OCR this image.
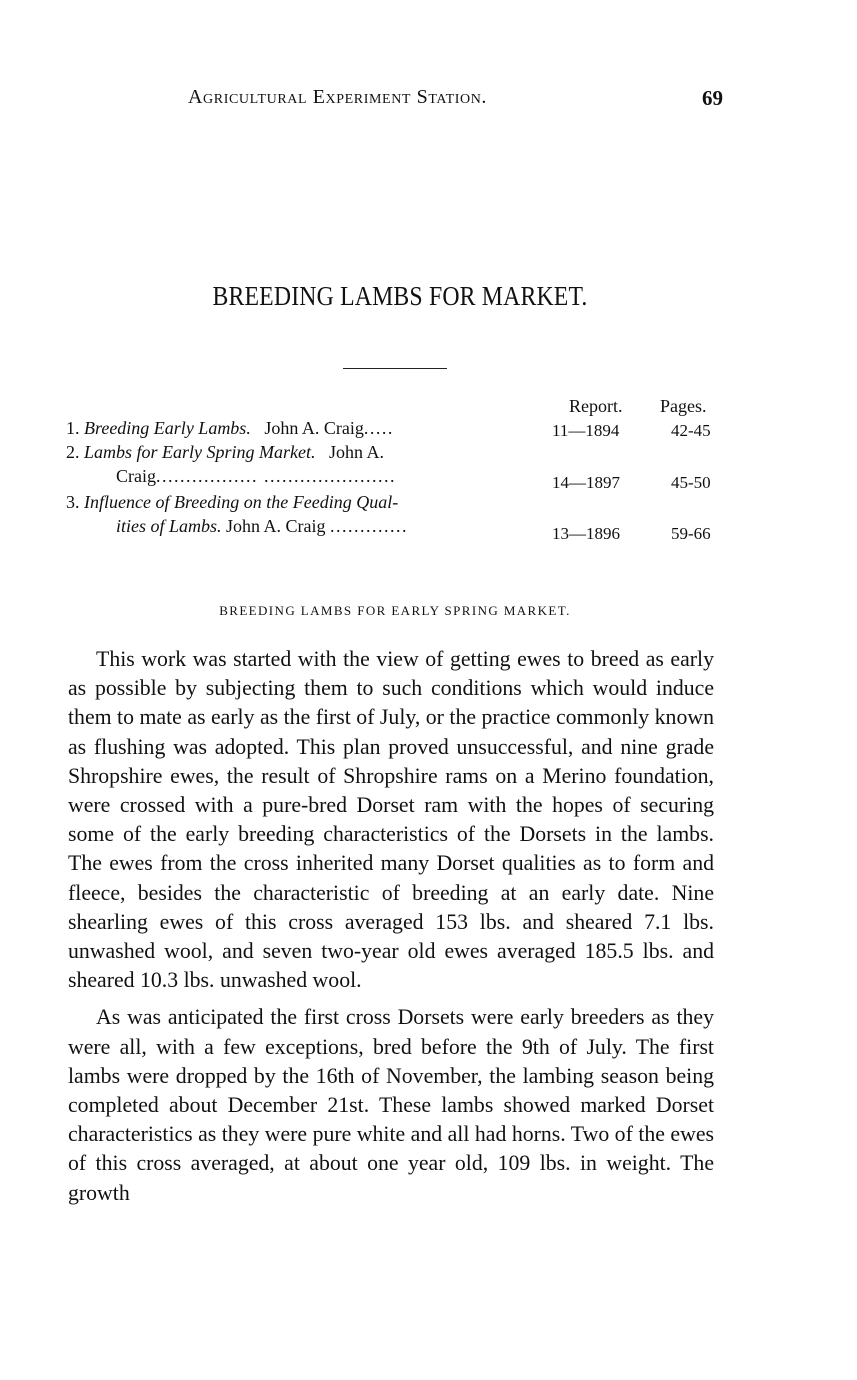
Agricultural Experiment Station.	69
BREEDING LAMBS FOR MARKET.
Report. Pages.
1. Breeding Early Lambs. John A. Craig.....	11—1894	42-45
2. Lambs for Early Spring Market. John A.
Craig................. ......................	14—1897	45-50
3. Influence of Breeding on the Feeding Qual-
ities of Lambs. John A. Craig .............	13—1896	59-66
BREEDING LAMBS FOR EARLY SPRING MARKET.

This work was started with the view of getting ewes to breed as early as possible by subjecting them to such conditions which would induce them to mate as early as the first of July, or the practice commonly known as flushing was adopted. This plan proved unsuccessful, and nine grade Shropshire ewes, the result of Shropshire rams on a Merino foundation, were crossed with a pure-bred Dorset ram with the hopes of securing some of the early breeding characteristics of the Dorsets in the lambs. The ewes from the cross inherited many Dorset qualities as to form and fleece, besides the characteristic of breeding at an early date. Nine shearling ewes of this cross averaged 153 lbs. and sheared 7.1 lbs. unwashed wool, and seven two-year old ewes averaged 185.5 lbs. and sheared 10.3 lbs. unwashed wool.

As was anticipated the first cross Dorsets were early breeders as they were all, with a few exceptions, bred before the 9th of July. The first lambs were dropped by the 16th of November, the lambing season being completed about December 21st. These lambs showed marked Dorset characteristics as they were pure white and all had horns. Two of the ewes of this cross averaged, at about one year old, 109 lbs. in weight. The growth
